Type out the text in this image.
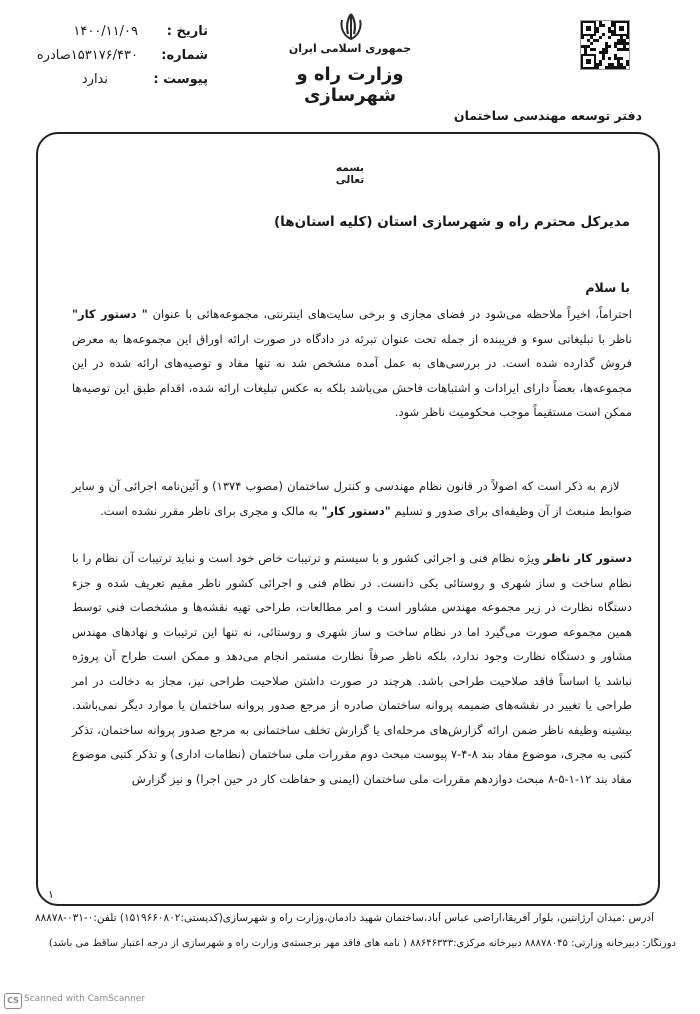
تاریخ :
۱۴۰۰/۱۱/۰۹
شماره:
۱۵۳۱۷۶/۴۳۰صادره
پیوست :
ندارد
جمهوری اسلامی ایران
وزارت راه و شهرسازی
دفتر توسعه مهندسی ساختمان
بسمه تعالی
مدیرکل محترم راه و شهرسازی استان (کلیه استان‌ها)
با سلام
احتراماً، اخیراً ملاحظه می‌شود در فضای مجازی و برخی سایت‌های اینترنتی، مجموعه‌هائی با عنوان " دستور کار" ناظر با تبلیغاتی سوء و فریبنده از جمله تحت عنوان تبرئه در دادگاه در صورت ارائه اوراق این مجموعه‌ها به معرض فروش گذارده شده است. در بررسی‌های به عمل آمده مشخص شد نه تنها مفاد و توصیه‌های ارائه شده در این مجموعه‌ها، بعضاً دارای ایرادات و اشتباهات فاحش می‌باشد بلکه به عکس تبلیغات ارائه شده، اقدام طبق این توصیه‌ها ممکن است مستقیماً موجب محکومیت ناظر شود.
لازم به ذکر است که اصولاً در قانون نظام مهندسی و کنترل ساختمان (مصوب ۱۳۷۴) و آئین‌نامه اجرائی آن و سایر ضوابط منبعث از آن وظیفه‌ای برای صدور و تسلیم "دستور کار" به مالک و مجری برای ناظر مقرر نشده است.
دستور کار ناظر ویژه نظام فنی و اجرائی کشور و با سیستم و ترتیبات خاص خود است و نباید ترتیبات آن نظام را با نظام ساخت و ساز شهری و روستائی یکی دانست. در نظام فنی و اجرائی کشور ناظر مقیم تعریف شده و جزء دستگاه نظارت در زیر مجموعه مهندس مشاور است و امر مطالعات، طراحی تهیه نقشه‌ها و مشخصات فنی توسط همین مجموعه صورت می‌گیرد اما در نظام ساخت و ساز شهری و روستائی، نه تنها این ترتیبات و نهادهای مهندس مشاور و دستگاه نظارت وجود ندارد، بلکه ناظر صرفاً نظارت مستمر انجام می‌دهد و ممکن است طراح آن پروژه نباشد یا اساساً فاقد صلاحیت طراحی باشد. هرچند در صورت داشتن صلاحیت طراحی نیز، مجاز به دخالت در امر طراحی یا تغییر در نقشه‌های ضمیمه پروانه ساختمان صادره از مرجع صدور پروانه ساختمان یا موارد دیگر نمی‌باشد. بیشینه وظیفه ناظر ضمن ارائه گزارش‌های مرحله‌ای یا گزارش تخلف ساختمانی به مرجع صدور پروانه ساختمان، تذکر کتبی به مجری، موضوع مفاد بند ۸-۴-۷ پیوست مبحث دوم مقررات ملی ساختمان (نظامات اداری) و تذکر کتبی موضوع مفاد بند ۱۲-۱-۵-۸ مبحث دوازدهم مقررات ملی ساختمان (ایمنی و حفاظت کار در حین اجرا) و نیز گزارش
۱
آدرس :میدان آرژانتین، بلوار آفریقا،اراضی عباس آباد،ساختمان شهید دادمان،وزارت راه و شهرسازی(کدپستی:۱۵۱۹۶۶۰۸۰۲) تلفن:۰-۰۳۱-۸۸۸۷۸
دورنگار: دبیرخانه وزارتی: ۸۸۸۷۸۰۴۵ دبیرخانه مرکزی:۸۸۶۴۶۳۳۳ ( نامه های فاقد مهر برجسته‌ی وزارت راه و شهرسازی از درجه اعتبار ساقط می باشد)
CS Scanned with CamScanner
